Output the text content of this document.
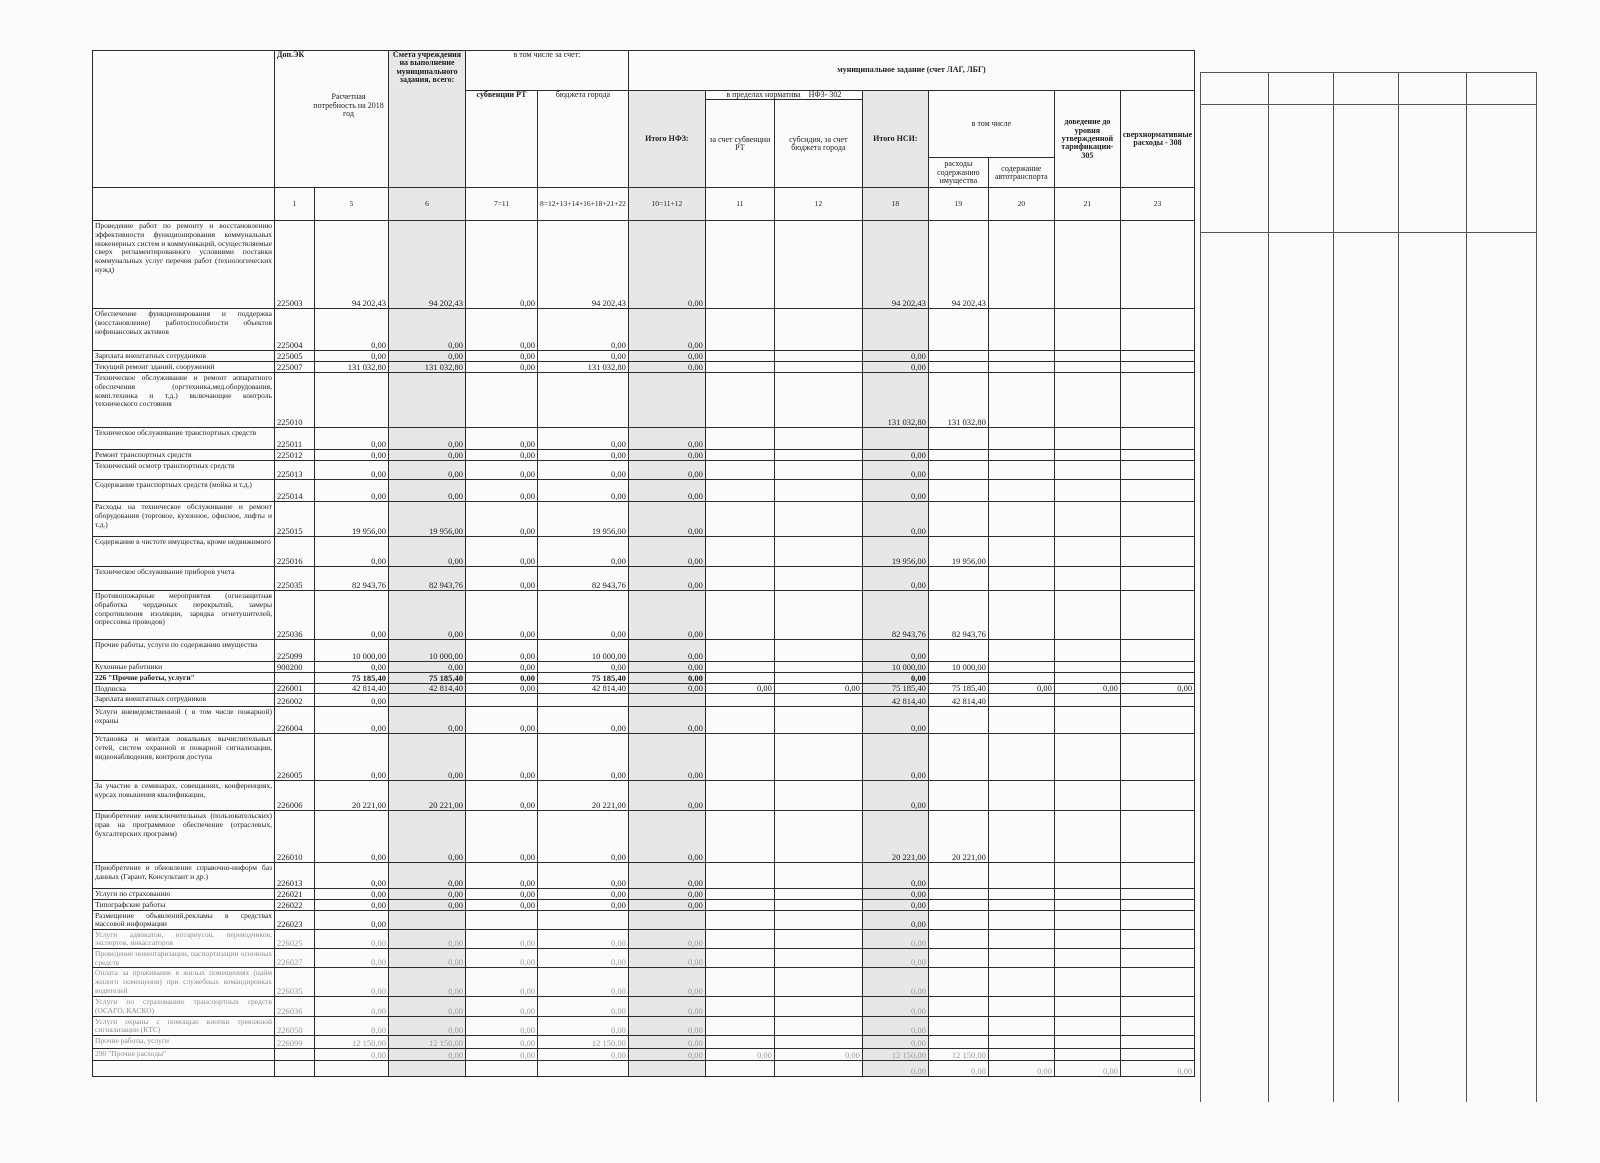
	Доп.ЭК
Расчетная потребность на 2018 год		Смета учреждения на выполнение муниципального задания, всего:	в том числе за счет:		муниципальное задание (счет ЛАГ, ЛБГ)							
				субвенции РТ	бюджета города	Итого НФЗ:	в пределах норматива НФЗ- 302		Итого НСИ:	в том числе		доведение до уровня утвержденной тарификации- 305	сверхнормативные расходы - 308
							за счет субвенции РТ	субсидия, за счет бюджета города					
										расходы содержанию имущества	содержание автотранспорта		
	1	5	6	7=11	8=12+13+14+16+18+21+22	10=11+12	11	12	18	19	20	21	23
Проведение работ по ремонту и восстановлению эффективности функционирования коммунальных инженерных систем и коммуникаций, осуществляемые сверх регламентированного условиями поставки коммунальных услуг перечня работ (технологических нужд)	225003	94 202,43	94 202,43	0,00	94 202,43	0,00			94 202,43	94 202,43			
Обеспечение функционирования и поддержка (восстановление) работоспособности объектов нефинансовых активов	225004	0,00	0,00	0,00	0,00	0,00							
Зарплата внештатных сотрудников	225005	0,00	0,00	0,00	0,00	0,00			0,00				
Текущий ремонт зданий, сооружений	225007	131 032,80	131 032,80	0,00	131 032,80	0,00			0,00				
Техническое обслуживание и ремонт аппаратного обеспечения (оргтехника,мед.оборудования, комп.техника и т.д.) включающие контроль технического состояния	225010								131 032,80	131 032,80			
Техническое обслуживание транспортных средств	225011	0,00	0,00	0,00	0,00	0,00							
Ремонт транспортных средств	225012	0,00	0,00	0,00	0,00	0,00			0,00				
Технический осмотр транспортных средств	225013	0,00	0,00	0,00	0,00	0,00			0,00				
Содержание транспортных средств (мойка и т.д.)	225014	0,00	0,00	0,00	0,00	0,00			0,00				
Расходы на техническое обслуживание и ремонт оборудования (торговое, кухонное, офисное, лифты и т.д.)	225015	19 956,00	19 956,00	0,00	19 956,00	0,00			0,00				
Содержание в чистоте имущества, кроме недвижимого	225016	0,00	0,00	0,00	0,00	0,00			19 956,00	19 956,00			
Техническое обслуживание приборов учета	225035	82 943,76	82 943,76	0,00	82 943,76	0,00			0,00				
Противопожарные мероприятия (огнезащитная обработка чердачных перекрытий, замеры сопротивления изоляции, зарядка огнетушителей, опрессовка проводов)	225036	0,00	0,00	0,00	0,00	0,00			82 943,76	82 943,76			
Прочие работы, услуги по содержанию имущества	225099	10 000,00	10 000,00	0,00	10 000,00	0,00			0,00				
Кухонные работники	900200	0,00	0,00	0,00	0,00	0,00			10 000,00	10 000,00			
226 "Прочие работы, услуги"		75 185,40	75 185,40	0,00	75 185,40	0,00			0,00				
Подписка	226001	42 814,40	42 814,40	0,00	42 814,40	0,00	0,00	0,00	75 185,40	75 185,40	0,00	0,00	0,00
Зарплата внештатных сотрудников	226002	0,00							42 814,40	42 814,40			
Услуги вневедомственной ( в том числе пожарной) охраны	226004	0,00	0,00	0,00	0,00	0,00			0,00				
Установка и монтаж локальных вычислительных сетей, систем охранной и пожарной сигнализации, видеонаблюдения, контроля доступа	226005	0,00	0,00	0,00	0,00	0,00			0,00				
За участие в семинарах, совещаниях, конференциях, курсах повышения квалификации,	226006	20 221,00	20 221,00	0,00	20 221,00	0,00			0,00				
Приобретение неисключительных (пользовательских) прав на программное обеспечение (отраслевых, бухгалтерских программ)	226010	0,00	0,00	0,00	0,00	0,00			20 221,00	20 221,00			
Приобретение и обновление справочно-информ баз данных (Гарант, Консультант и др.)	226013	0,00	0,00	0,00	0,00	0,00			0,00				
Услуги по страхованию	226021	0,00	0,00	0,00	0,00	0,00			0,00				
Типографские работы	226022	0,00	0,00	0,00	0,00	0,00			0,00				
Размещение объявлений,рекламы в средствах массовой информации	226023	0,00							0,00				
Услуги адвокатов, нотариусов, переводчиков, экспертов, инкассаторов	226025	0,00	0,00	0,00	0,00	0,00			0,00				
Проведение инвентаризации, паспортизации основных средств	226027	0,00	0,00	0,00	0,00	0,00			0,00				
Оплата за проживание в жилых помещениях (найм жилого помещения) при служебных командировках водителей	226035	0,00	0,00	0,00	0,00	0,00			0,00				
Услуги по страхованию транспортных средств (ОСАГО, КАСКО)	226036	0,00	0,00	0,00	0,00	0,00			0,00				
Услуги охраны с помощью кнопки тревожной сигнализации (КТС)	226050	0,00	0,00	0,00	0,00	0,00			0,00				
Прочие работы, услуги	226099	12 150,00	12 150,00	0,00	12 150,00	0,00			0,00				
290 "Прочие расходы"		0,00	0,00	0,00	0,00	0,00	0,00	0,00	12 150,00	12 150,00			
									0,00	0,00	0,00	0,00	0,00
